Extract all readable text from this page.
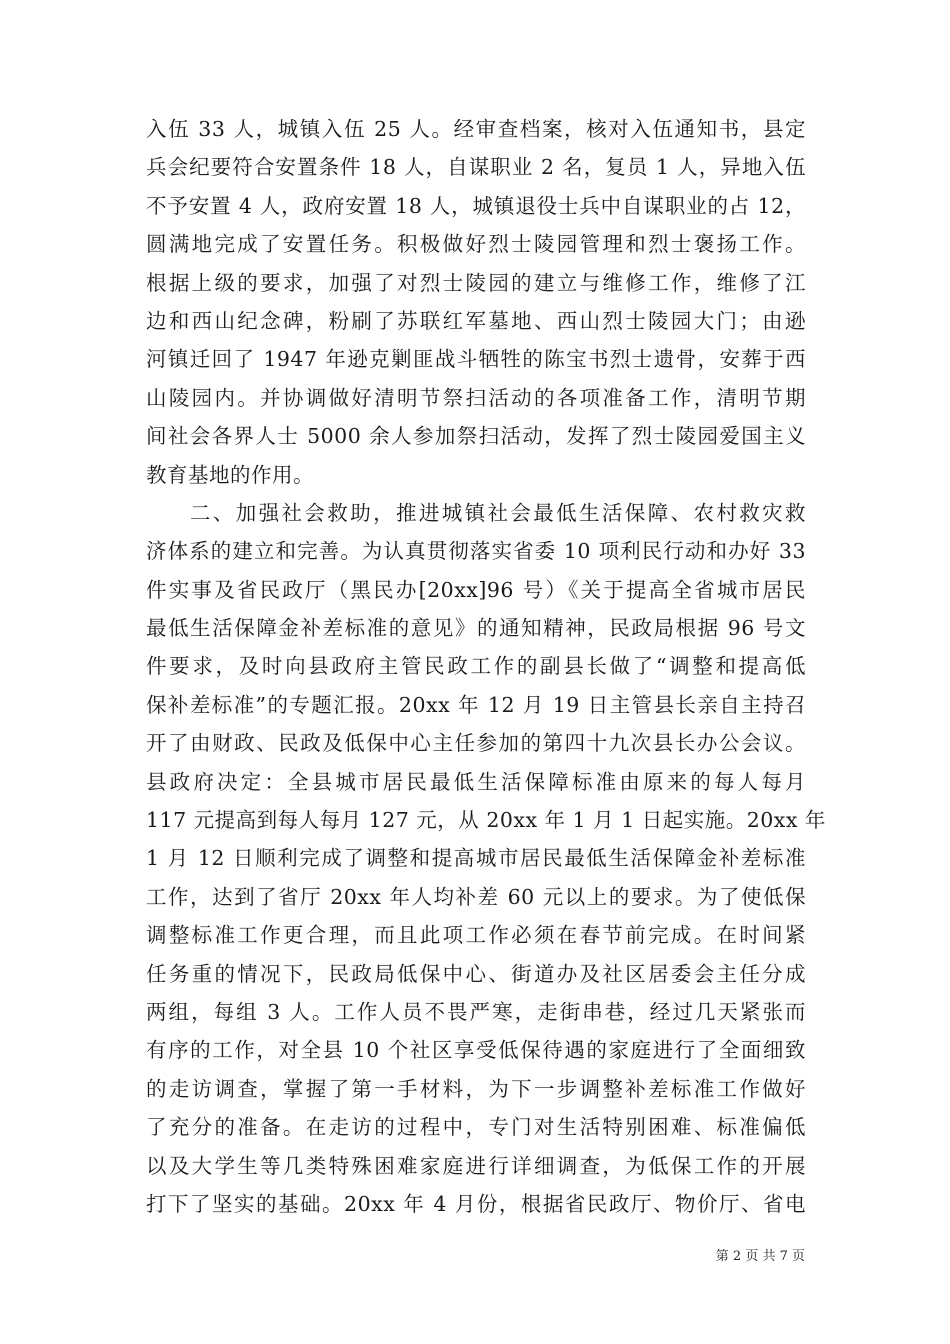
入伍 33 人，城镇入伍 25 人。经审查档案，核对入伍通知书，县定
兵会纪要符合安置条件 18 人，自谋职业 2 名，复员 1 人，异地入伍
不予安置 4 人，政府安置 18 人，城镇退役士兵中自谋职业的占 12，
圆满地完成了安置任务。积极做好烈士陵园管理和烈士褒扬工作。
根据上级的要求，加强了对烈士陵园的建立与维修工作，维修了江
边和西山纪念碑，粉刷了苏联红军墓地、西山烈士陵园大门；由逊
河镇迁回了 1947 年逊克剿匪战斗牺牲的陈宝书烈士遗骨，安葬于西
山陵园内。并协调做好清明节祭扫活动的各项准备工作，清明节期
间社会各界人士 5000 余人参加祭扫活动，发挥了烈士陵园爱国主义
教育基地的作用。
二、加强社会救助，推进城镇社会最低生活保障、农村救灾救
济体系的建立和完善。为认真贯彻落实省委 10 项利民行动和办好 33
件实事及省民政厅（黑民办[20xx]96 号）《关于提高全省城市居民
最低生活保障金补差标准的意见》的通知精神，民政局根据 96 号文
件要求，及时向县政府主管民政工作的副县长做了“调整和提高低
保补差标准”的专题汇报。20xx 年 12 月 19 日主管县长亲自主持召
开了由财政、民政及低保中心主任参加的第四十九次县长办公会议。
县政府决定：全县城市居民最低生活保障标准由原来的每人每月
117 元提高到每人每月 127 元，从 20xx 年 1 月 1 日起实施。20xx 年
1 月 12 日顺利完成了调整和提高城市居民最低生活保障金补差标准
工作，达到了省厅 20xx 年人均补差 60 元以上的要求。为了使低保
调整标准工作更合理，而且此项工作必须在春节前完成。在时间紧
任务重的情况下，民政局低保中心、街道办及社区居委会主任分成
两组，每组 3 人。工作人员不畏严寒，走街串巷，经过几天紧张而
有序的工作，对全县 10 个社区享受低保待遇的家庭进行了全面细致
的走访调查，掌握了第一手材料，为下一步调整补差标准工作做好
了充分的准备。在走访的过程中，专门对生活特别困难、标准偏低
以及大学生等几类特殊困难家庭进行详细调查，为低保工作的开展
打下了坚实的基础。20xx 年 4 月份，根据省民政厅、物价厅、省电
第 2 页 共 7 页
